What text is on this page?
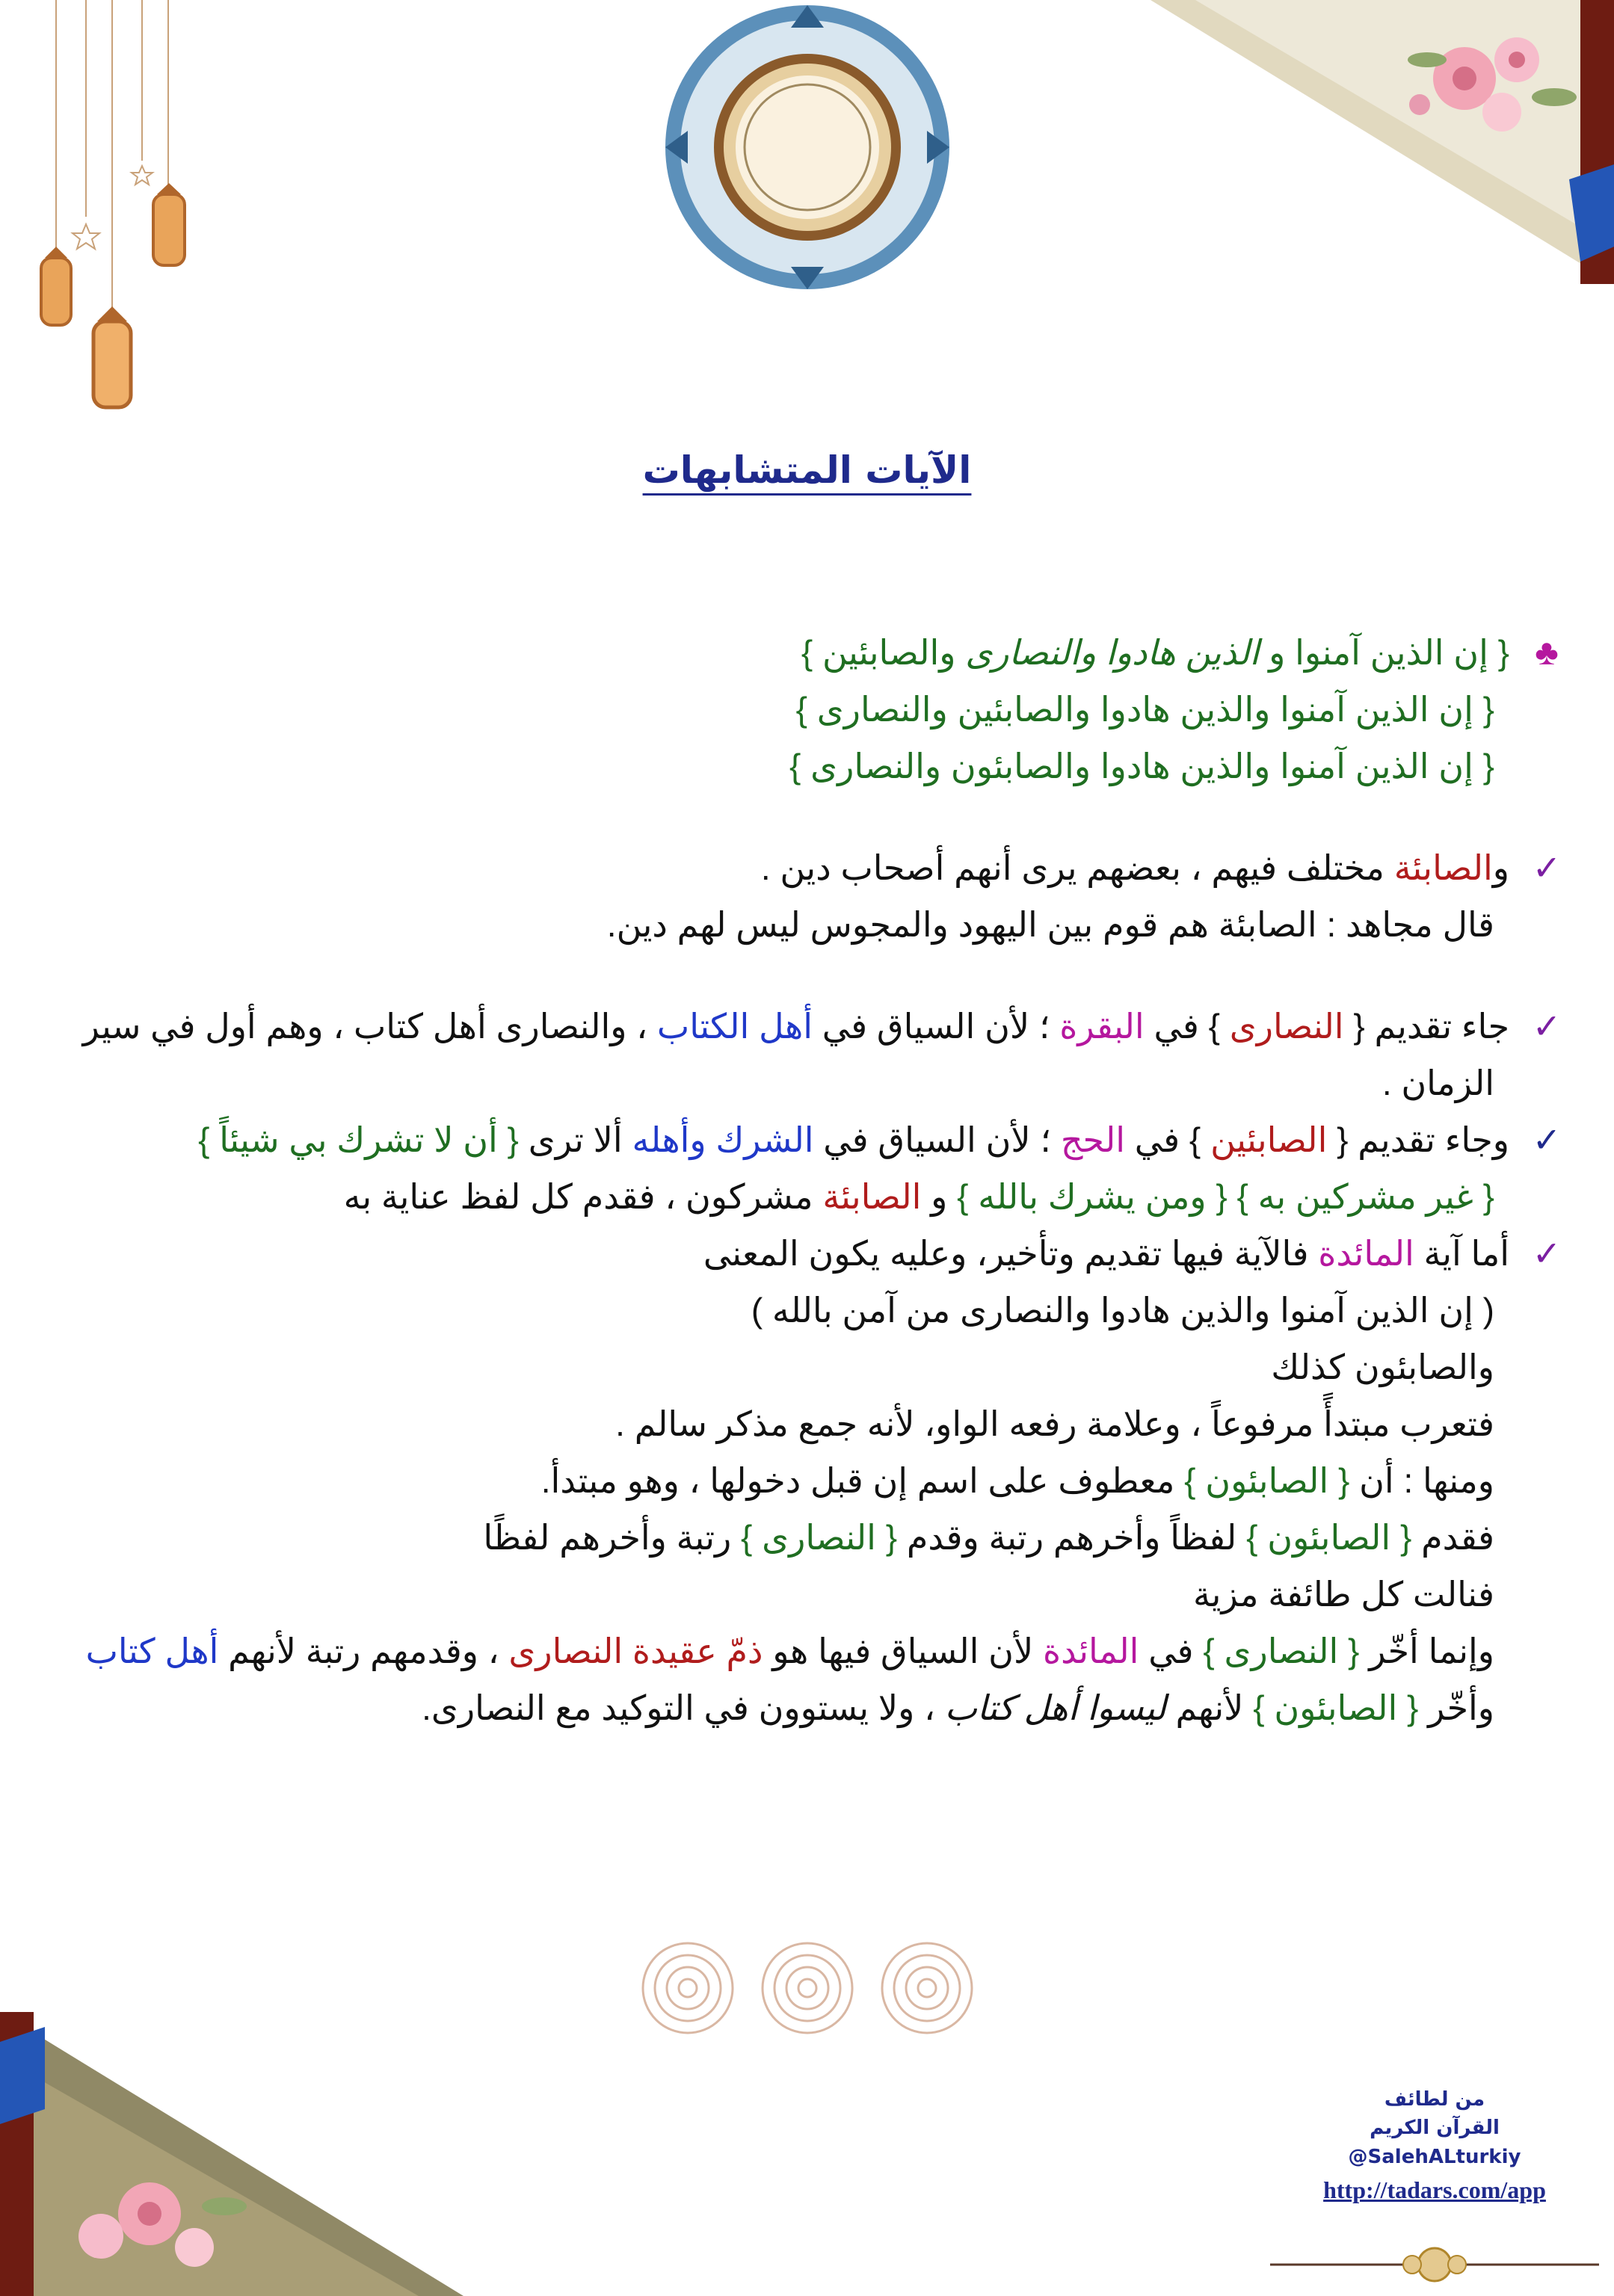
الآيات المتشابهات
♣{ إن الذين آمنوا و الذين هادوا والنصارى والصابئين }
{ إن الذين آمنوا والذين هادوا والصابئين والنصارى }
{ إن الذين آمنوا والذين هادوا والصابئون والنصارى }
✓والصابئة مختلف فيهم ، بعضهم يرى أنهم أصحاب دين .
قال مجاهد : الصابئة هم قوم بين اليهود والمجوس ليس لهم دين.
✓جاء تقديم { النصارى } في البقرة ؛ لأن السياق في أهل الكتاب ، والنصارى أهل كتاب ، وهم أول في سير
الزمان .
✓وجاء تقديم { الصابئين } في الحج ؛ لأن السياق في الشرك وأهله ألا ترى { أن لا تشرك بي شيئاً }
{ غير مشركين به } { ومن يشرك بالله } و الصابئة مشركون ، فقدم كل لفظ عناية به
✓أما آية المائدة فالآية فيها تقديم وتأخير، وعليه يكون المعنى
( إن الذين آمنوا والذين هادوا والنصارى من آمن بالله )
والصابئون كذلك
فتعرب مبتدأً مرفوعاً ، وعلامة رفعه الواو، لأنه جمع مذكر سالم .
ومنها : أن { الصابئون } معطوف على اسم إن قبل دخولها ، وهو مبتدأ.
فقدم { الصابئون } لفظاً وأخرهم رتبة وقدم { النصارى } رتبة وأخرهم لفظًا
فنالت كل طائفة مزية
وإنما أخّر { النصارى } في المائدة لأن السياق فيها هو ذمّ عقيدة النصارى ، وقدمهم رتبة لأنهم أهل كتاب
وأخّر { الصابئون } لأنهم ليسوا أهل كتاب ، ولا يستوون في التوكيد مع النصارى.
من لطائف
القرآن الكريم
@SalehALturkiy
http://tadars.com/app
